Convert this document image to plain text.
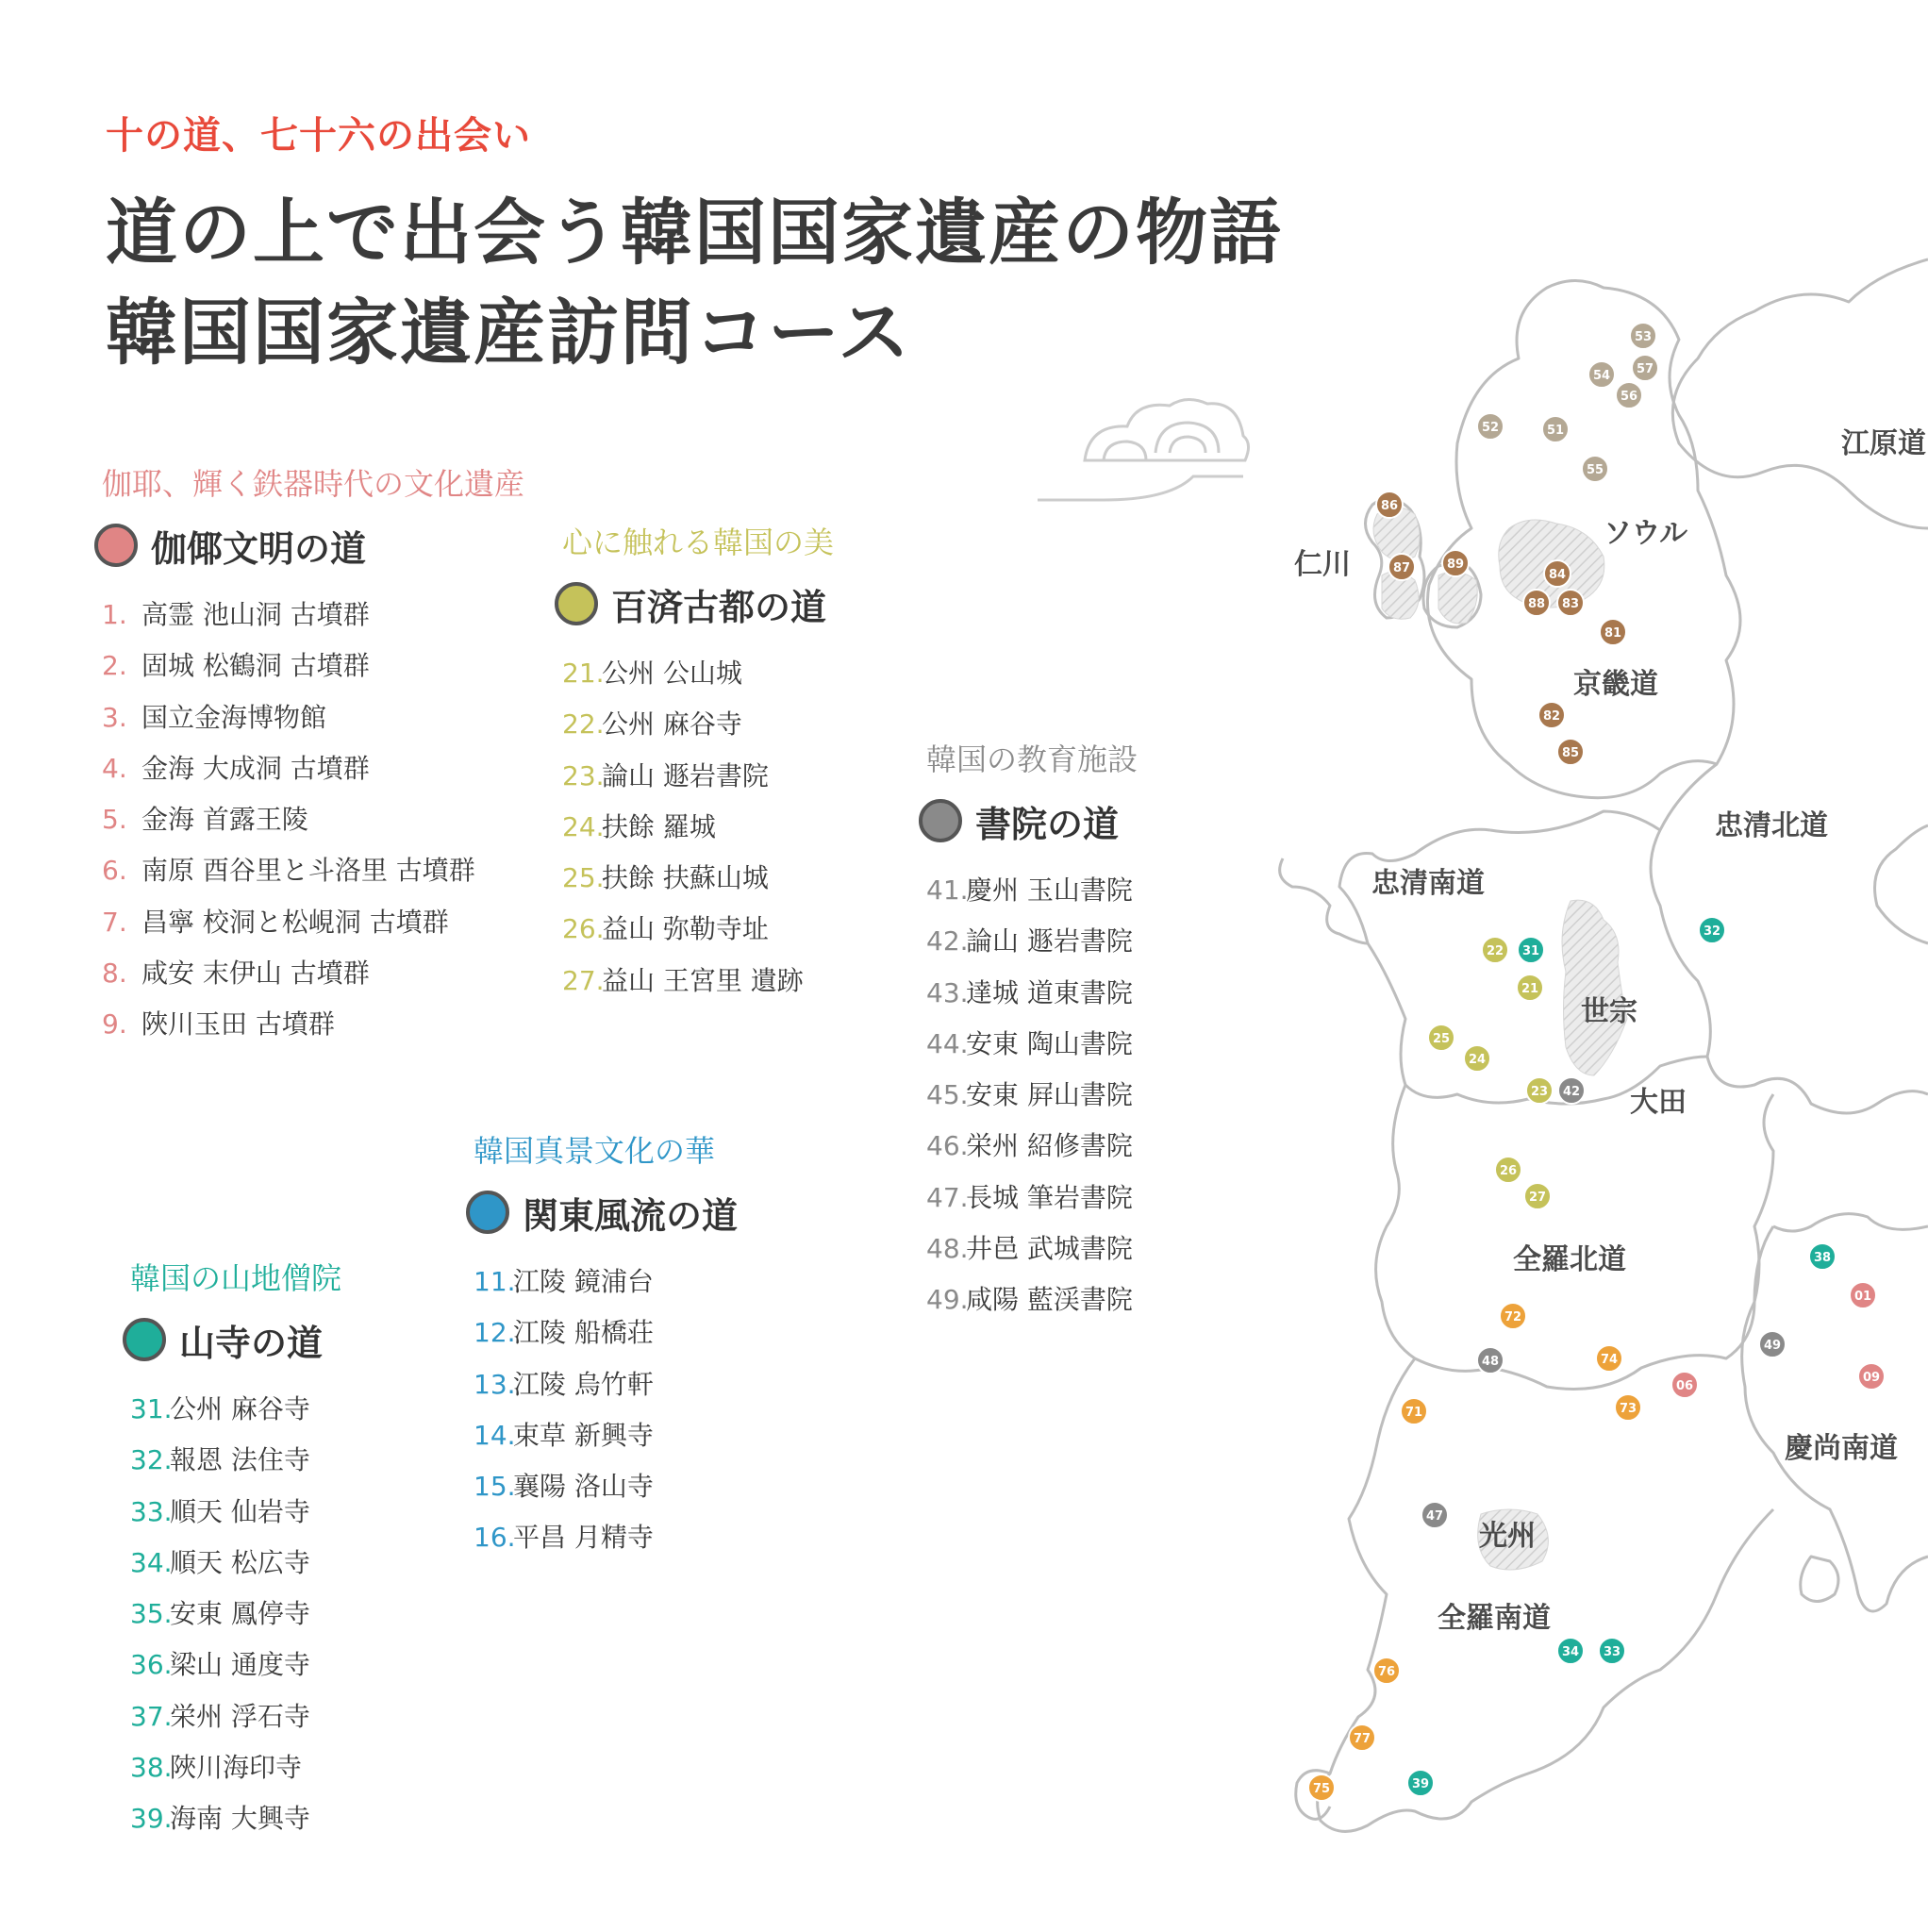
江原道
仁川
ソウル
京畿道
忠清北道
忠清南道
世宗
大田
全羅北道
慶尚南道
光州
全羅南道
53
57
54
56
52	51
55
86
87	89
84
88 83
81
82
85
32
22 31
21
25
24
23 42
26
27
38
01
49
09
72
48	74
06
71	73
47
34 33
76
77
75	39
十の道、七十六の出会い
道の上で出会う韓国国家遺産の物語
韓国国家遺産訪問コース
伽耶、輝く鉄器時代の文化遺産
伽倻文明の道
1. 高霊 池山洞 古墳群
2. 固城 松鶴洞 古墳群
3. 国立金海博物館
4. 金海 大成洞 古墳群
5. 金海 首露王陵
6. 南原 酉谷里と斗洛里 古墳群
7. 昌寧 校洞と松峴洞 古墳群
8. 咸安 末伊山 古墳群
9. 陜川玉田 古墳群
心に触れる韓国の美
百済古都の道
21.
公州 公山城
22.
公州 麻谷寺
23.
論山 遯岩書院
24.
扶餘 羅城
25.
扶餘 扶蘇山城
26.
益山 弥勒寺址
27.
益山 王宮里 遺跡
韓国の教育施設
書院の道
41.
慶州 玉山書院
42.
論山 遯岩書院
43.
達城 道東書院
44.
安東 陶山書院
45.
安東 屛山書院
46.
栄州 紹修書院
47.
長城 筆岩書院
48.
井邑 武城書院
49.
咸陽 藍渓書院
韓国真景文化の華
関東風流の道
11.
江陵 鏡浦台
12.
江陵 船橋荘
13.
江陵 烏竹軒
14.
束草 新興寺
15.
襄陽 洛山寺
16.
平昌 月精寺
韓国の山地僧院
山寺の道
31.
公州 麻谷寺
32.
報恩 法住寺
33.
順天 仙岩寺
34.
順天 松広寺
35.
安東 鳳停寺
36.
梁山 通度寺
37.
栄州 浮石寺
38.
陜川海印寺
39.
海南 大興寺
